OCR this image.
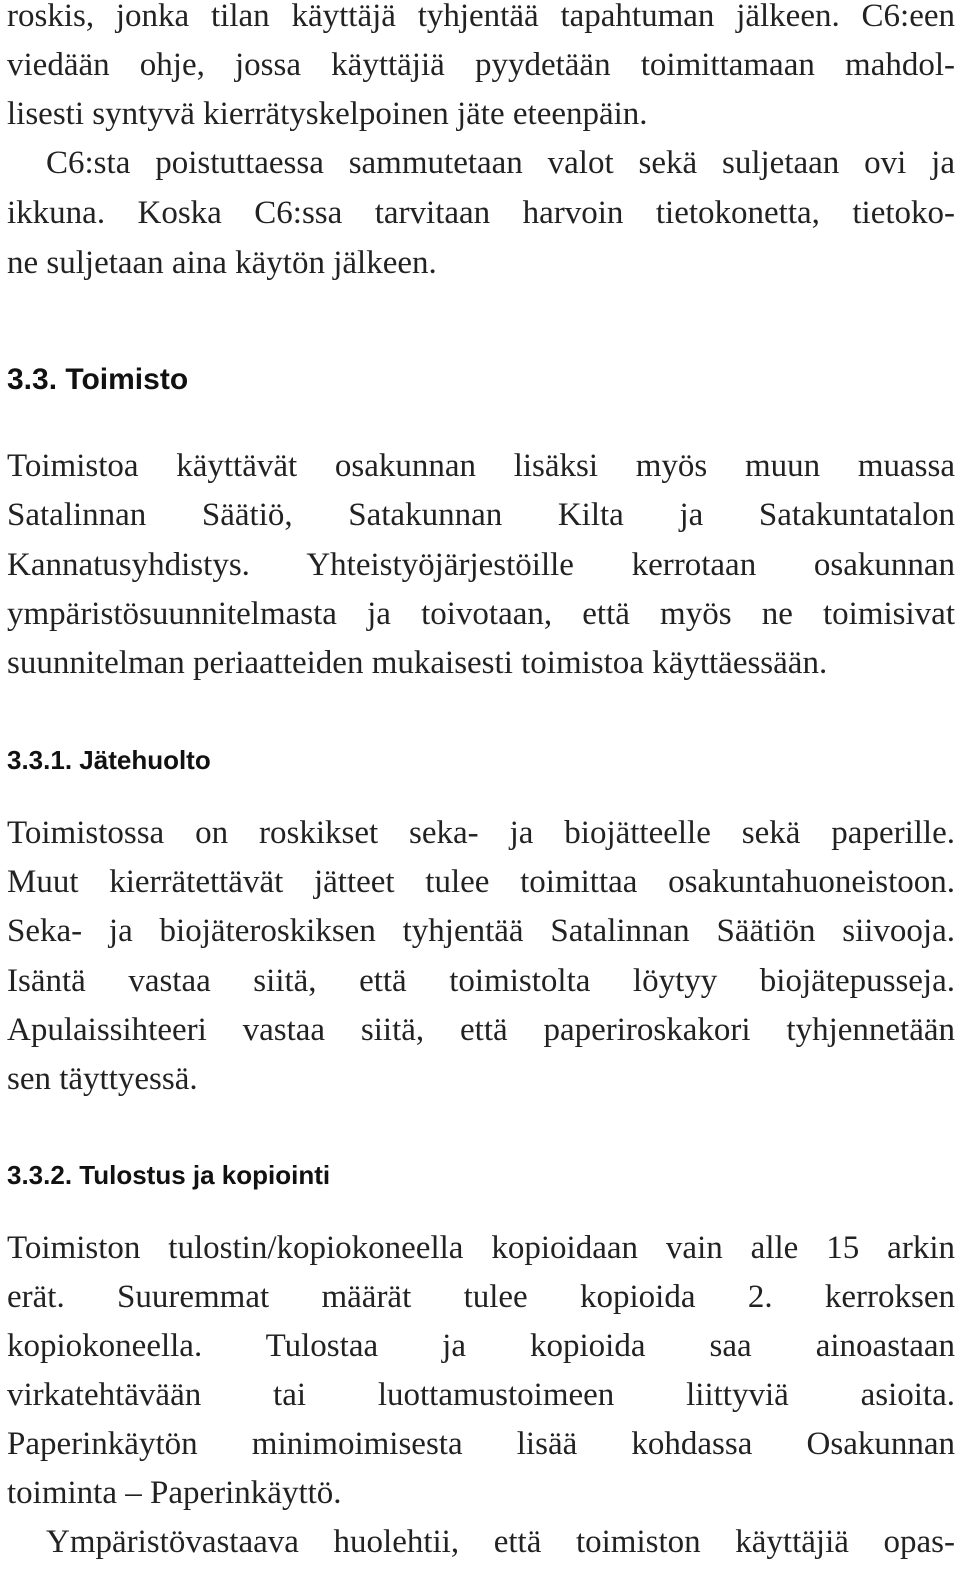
roskis, jonka tilan käyttäjä tyhjentää tapahtuman jälkeen. C6:een
viedään ohje, jossa käyttäjiä pyydetään toimittamaan mahdol-
lisesti syntyvä kierrätyskelpoinen jäte eteenpäin.
C6:sta poistuttaessa sammutetaan valot sekä suljetaan ovi ja
ikkuna. Koska C6:ssa tarvitaan harvoin tietokonetta, tietoko-
ne suljetaan aina käytön jälkeen.
3.3. Toimisto
Toimistoa käyttävät osakunnan lisäksi myös muun muassa
Satalinnan Säätiö, Satakunnan Kilta ja Satakuntatalon
Kannatusyhdistys. Yhteistyöjärjestöille kerrotaan osakunnan
ympäristösuunnitelmasta ja toivotaan, että myös ne toimisivat
suunnitelman periaatteiden mukaisesti toimistoa käyttäessään.
3.3.1. Jätehuolto
Toimistossa on roskikset seka- ja biojätteelle sekä paperille.
Muut kierrätettävät jätteet tulee toimittaa osakuntahuoneistoon.
Seka- ja biojäteroskiksen tyhjentää Satalinnan Säätiön siivooja.
Isäntä vastaa siitä, että toimistolta löytyy biojätepusseja.
Apulaissihteeri vastaa siitä, että paperiroskakori tyhjennetään
sen täyttyessä.
3.3.2. Tulostus ja kopiointi
Toimiston tulostin/kopiokoneella kopioidaan vain alle 15 arkin
erät. Suuremmat määrät tulee kopioida 2. kerroksen
kopiokoneella. Tulostaa ja kopioida saa ainoastaan
virkatehtävään tai luottamustoimeen liittyviä asioita.
Paperinkäytön minimoimisesta lisää kohdassa Osakunnan
toiminta – Paperinkäyttö.
Ympäristövastaava huolehtii, että toimiston käyttäjiä opas-
